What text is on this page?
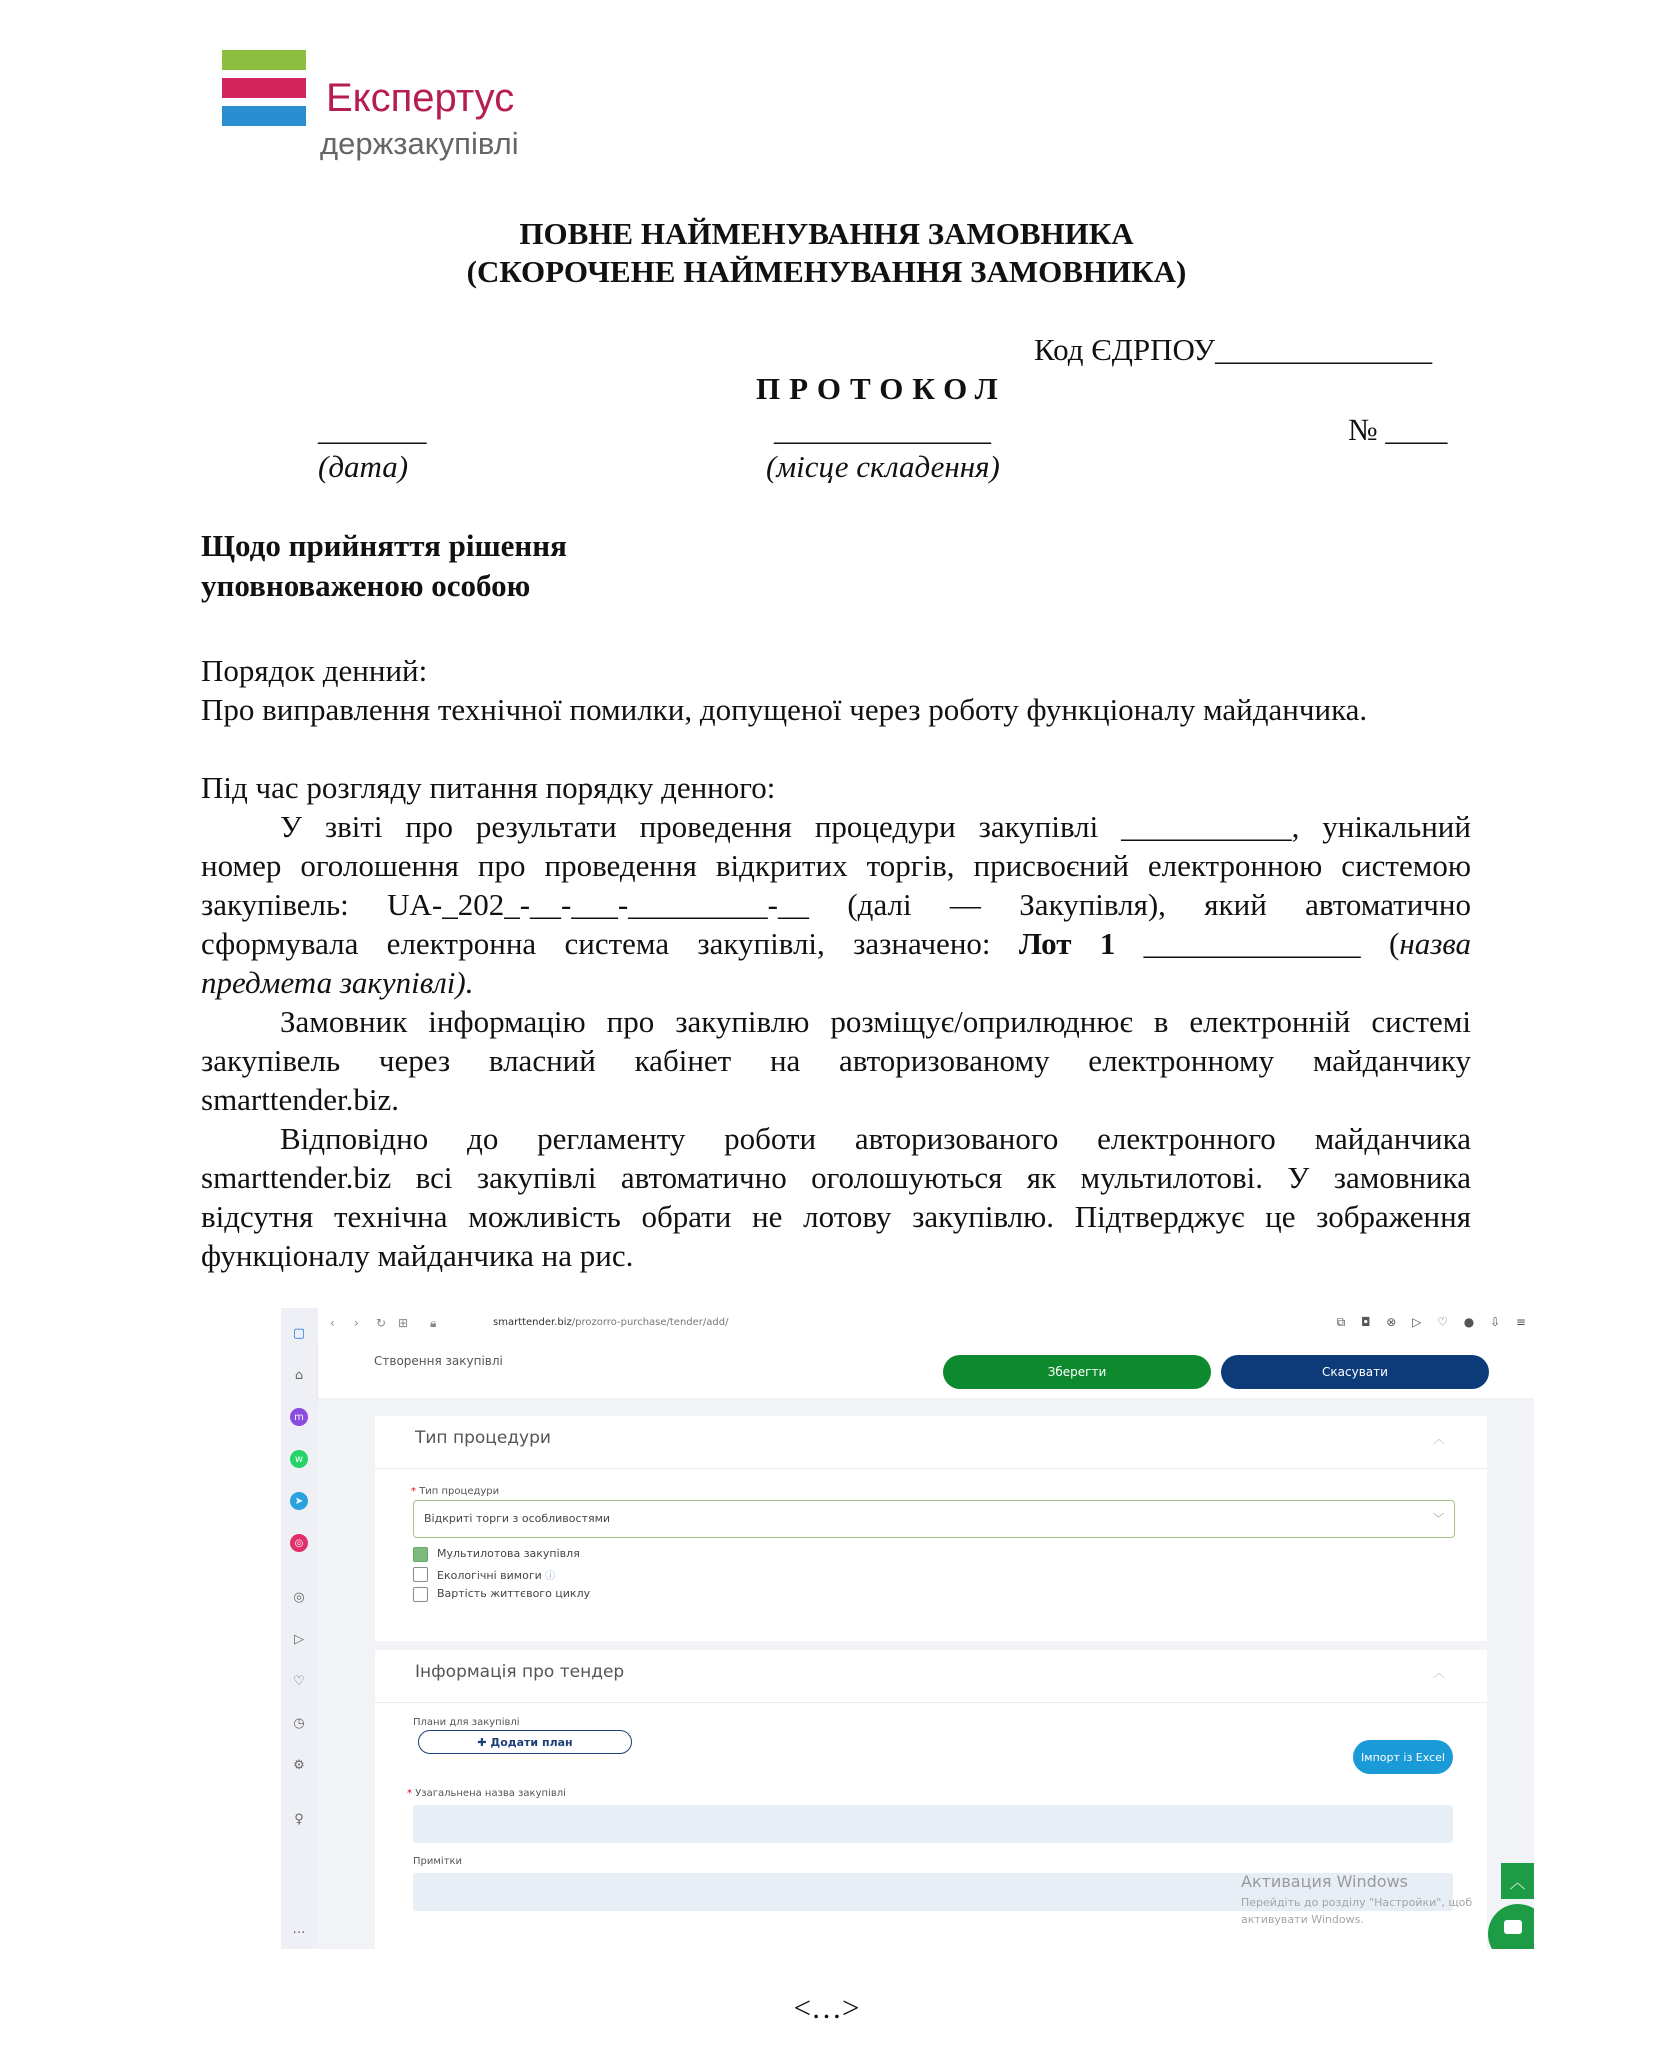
Експертус
держзакупівлі
ПОВНЕ НАЙМЕНУВАННЯ ЗАМОВНИКА
(СКОРОЧЕНЕ НАЙМЕНУВАННЯ ЗАМОВНИКА)
Код ЄДРПОУ______________
ПРОТОКОЛ
_______
(дата)
______________
(місце складення)
№ ____
Щодо прийняття рішення
уповноваженою особою
Порядок денний:
Про виправлення технічної помилки, допущеної через роботу функціоналу майданчика.
Під час розгляду питання порядку денного:
У звіті про результати проведення процедури закупівлі ___________, унікальний
номер оголошення про проведення відкритих торгів, присвоєний електронною системою
закупівель: UA-_202_-__-___-_________-__ (далі — Закупівля), який автоматично
сформувала електронна система закупівлі, зазначено: Лот 1 ______________ (назва
предмета закупівлі).
Замовник інформацію про закупівлю розміщує/оприлюднює в електронній системі
закупівель через власний кабінет на авторизованому електронному майданчику
smarttender.biz.
Відповідно до регламенту роботи авторизованого електронного майданчика
smarttender.biz всі закупівлі автоматично оголошуються як мультилотові. У замовника
відсутня технічна можливість обрати не лотову закупівлю. Підтверджує це зображення
функціоналу майданчика на рис.
▢
⌂
m
w
➤
◎
◎
▷
♡
◷
⚙
♀
…
‹ › ↻ ⊞ 🔒︎	smarttender.biz/prozorro-purchase/tender/add/	⧉ ◘ ⊗ ▷ ♡ ● ⇩ ≡
Створення закупівлі
Зберегти	Скасувати
Тип процедури	︿
* Тип процедури
Відкриті торги з особливостями	﹀
Мультилотова закупівля
Екологічні вимоги ⓘ
Вартість життєвого циклу
Інформація про тендер	︿
Плани для закупівлі
✚ Додати план
* Узагальнена назва закупівлі
Примітки
Імпорт із Excel
Активация Windows
Перейдіть до розділу "Настройки", щоб
активувати Windows.
︿
<…>
